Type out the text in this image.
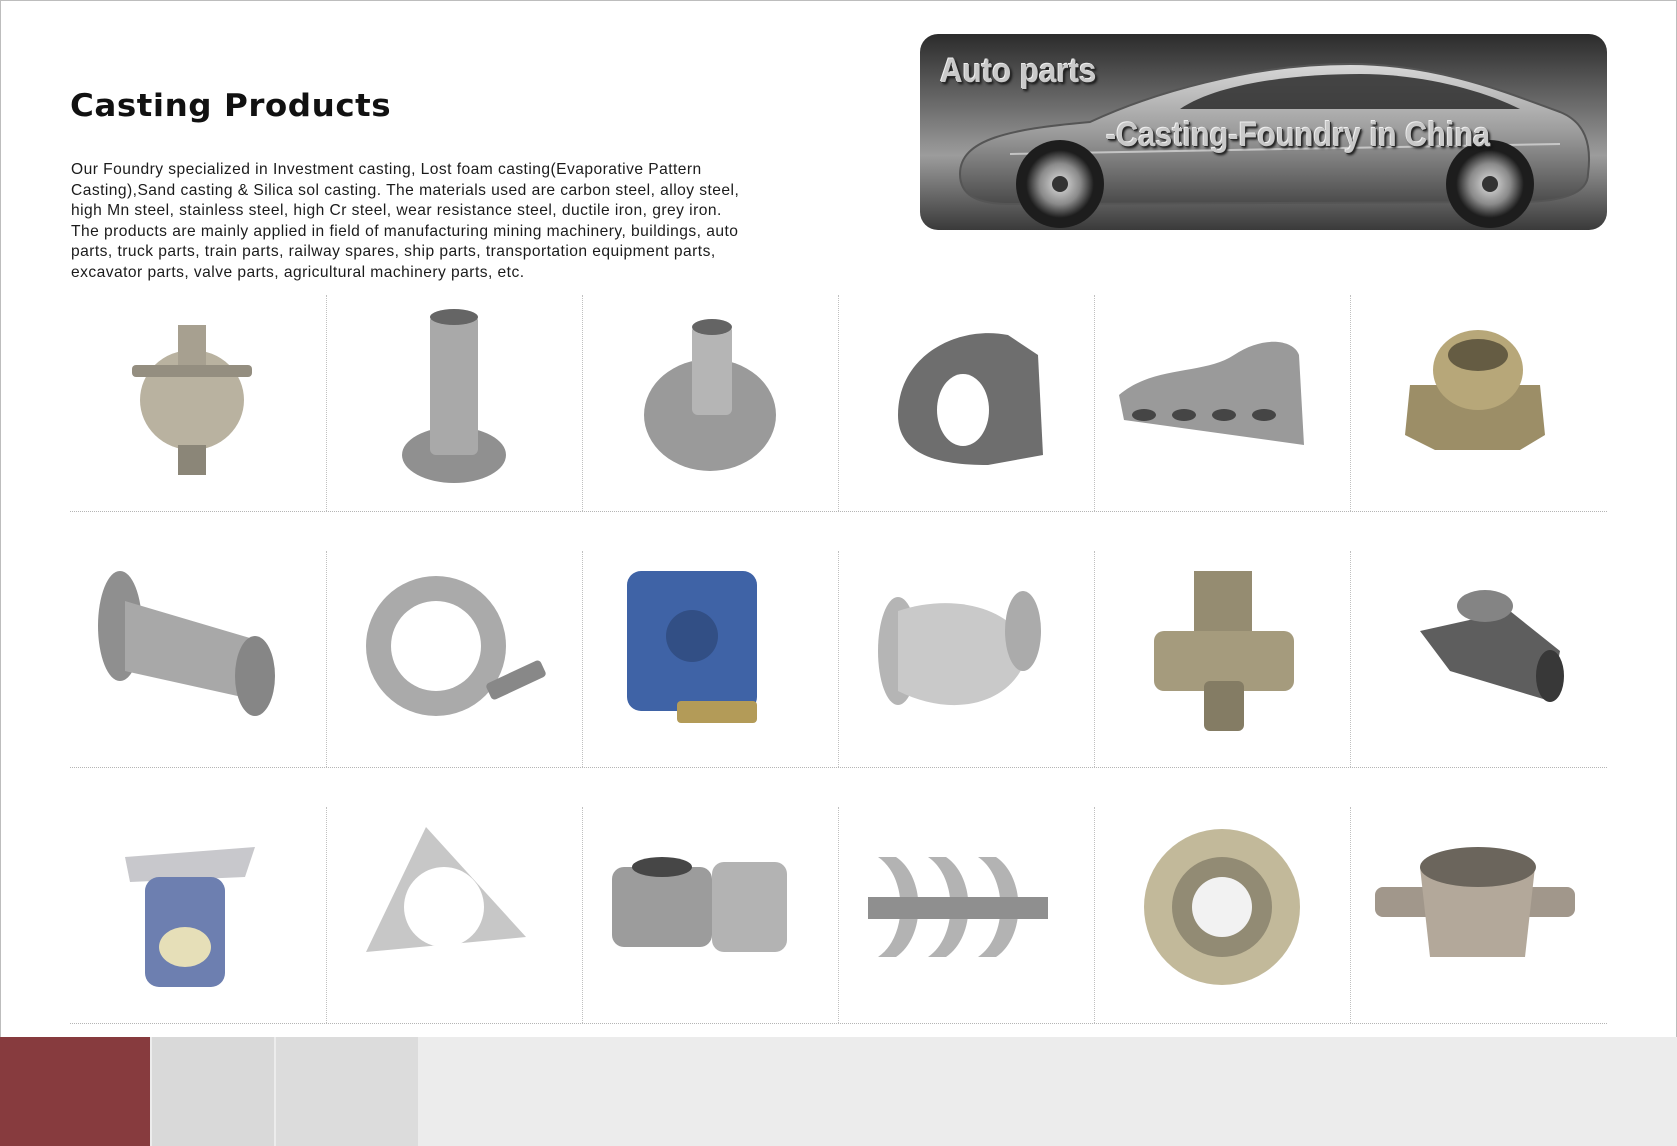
Casting Products

Our Foundry specialized in Investment casting, Lost foam casting(Evaporative Pattern

Casting),Sand casting & Silica sol casting. The materials used are carbon steel, alloy steel,

high Mn steel, stainless steel, high Cr steel, wear resistance steel, ductile iron, grey iron.

The products are mainly applied in field of manufacturing mining machinery, buildings, auto

parts, truck parts, train parts, railway spares, ship parts, transportation equipment parts,

excavator parts, valve parts, agricultural machinery parts, etc.

Auto parts
-Casting-Foundry in China
